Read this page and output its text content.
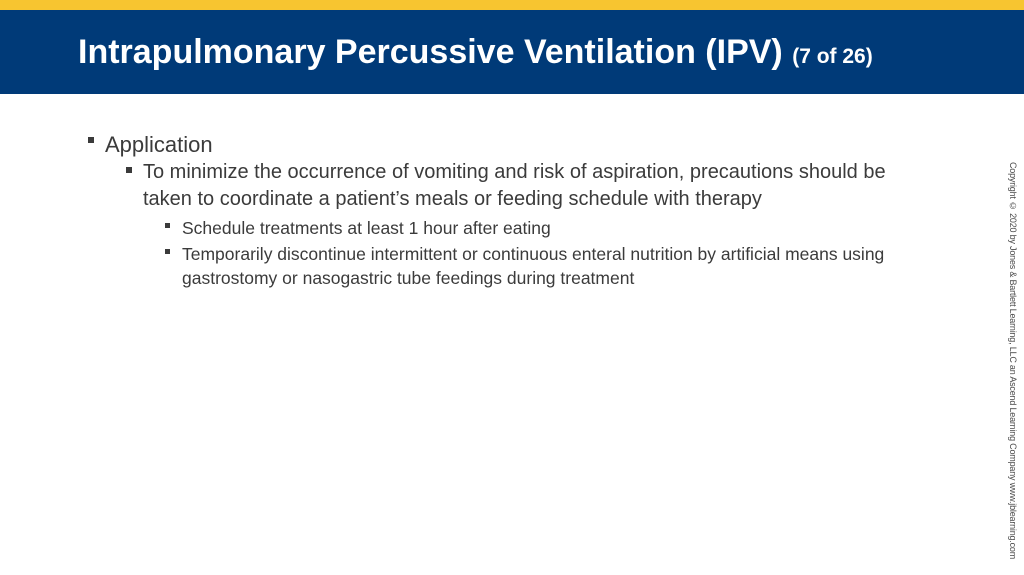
Intrapulmonary Percussive Ventilation (IPV) (7 of 26)
Application
To minimize the occurrence of vomiting and risk of aspiration, precautions should be taken to coordinate a patient’s meals or feeding schedule with therapy
Schedule treatments at least 1 hour after eating
Temporarily discontinue intermittent or continuous enteral nutrition by artificial means using gastrostomy or nasogastric tube feedings during treatment	Copyright © 2020 by Jones & Bartlett Learning, LLC an Ascend Learning Company www.jblearning.com
